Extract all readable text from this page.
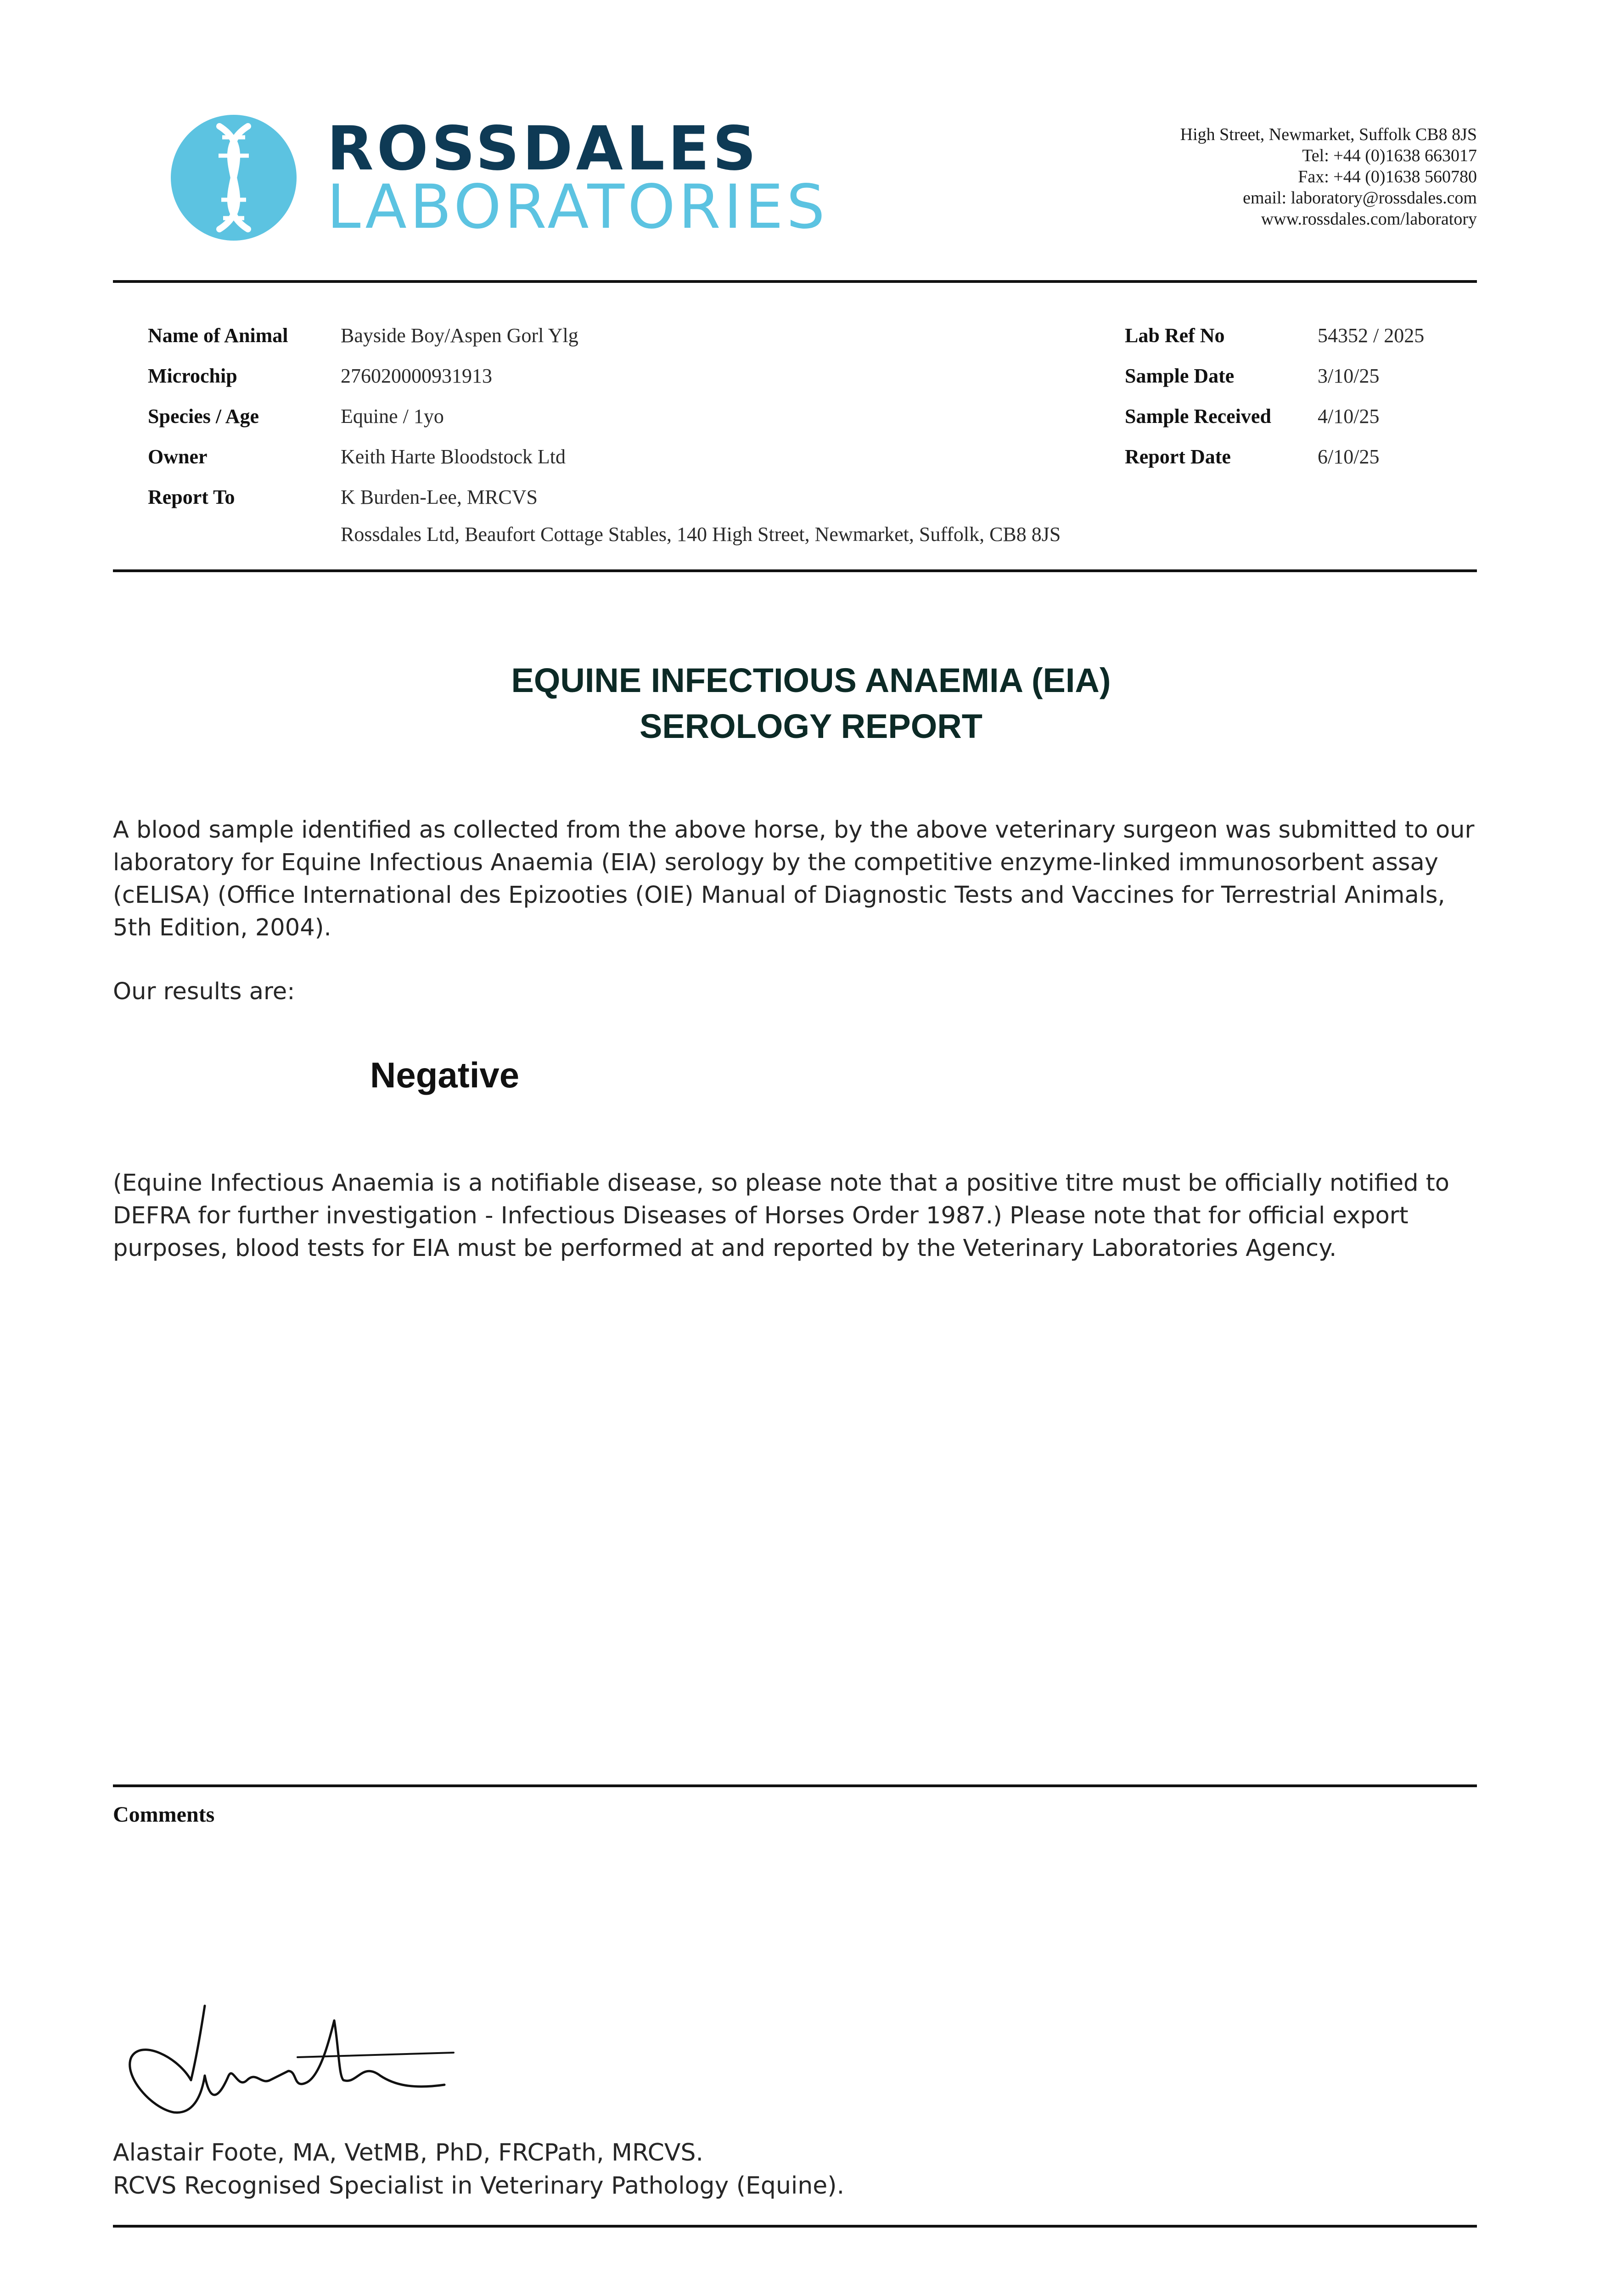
ROSSDALES
LABORATORIES
High Street, Newmarket, Suffolk CB8 8JS
Tel: +44 (0)1638 663017
Fax: +44 (0)1638 560780
email: laboratory@rossdales.com
www.rossdales.com/laboratory
Name of Animal	Bayside Boy/Aspen Gorl Ylg
Microchip	276020000931913
Species / Age	Equine / 1yo
Owner	Keith Harte Bloodstock Ltd
Report To	K Burden-Lee, MRCVS
Rossdales Ltd, Beaufort Cottage Stables, 140 High Street, Newmarket, Suffolk, CB8 8JS
Lab Ref No	54352 / 2025
Sample Date	3/10/25
Sample Received 4/10/25
Report Date	6/10/25
EQUINE INFECTIOUS ANAEMIA (EIA)
SEROLOGY REPORT
A blood sample identified as collected from the above horse, by the above veterinary surgeon was submitted to our laboratory for Equine Infectious Anaemia (EIA) serology by the competitive enzyme-linked immunosorbent assay (cELISA) (Office International des Epizooties (OIE) Manual of Diagnostic Tests and Vaccines for Terrestrial Animals, 5th Edition, 2004).
Our results are:
Negative
(Equine Infectious Anaemia is a notifiable disease, so please note that a positive titre must be officially notified to DEFRA for further investigation - Infectious Diseases of Horses Order 1987.) Please note that for official export purposes, blood tests for EIA must be performed at and reported by the Veterinary Laboratories Agency.
Comments
Alastair Foote, MA, VetMB, PhD, FRCPath, MRCVS.
RCVS Recognised Specialist in Veterinary Pathology (Equine).
